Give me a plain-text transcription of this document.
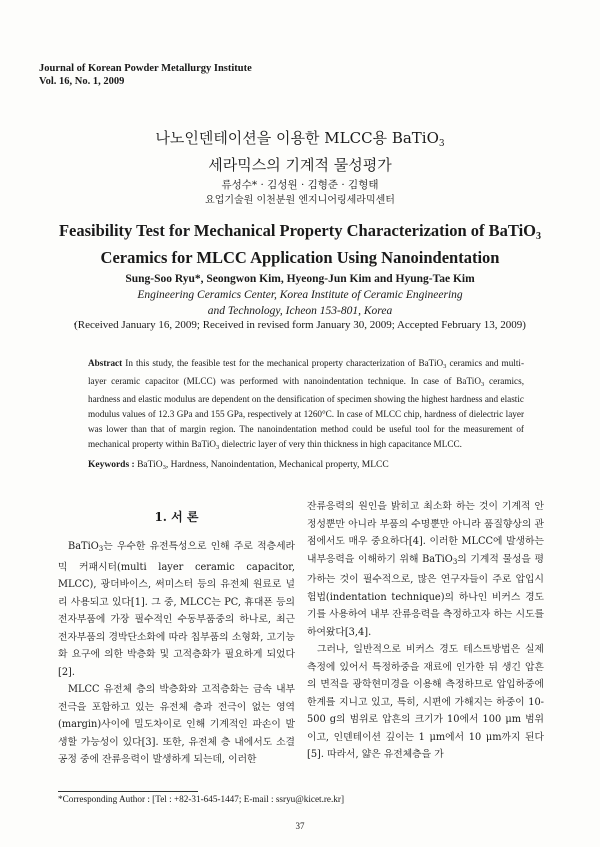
Journal of Korean Powder Metallurgy Institute
Vol. 16, No. 1, 2009
나노인덴테이션을 이용한 MLCC용 BaTiO$_3$
세라믹스의 기계적 물성평가
류성수* · 김성원 · 김형준 · 김형태
요업기술원 이천분원 엔지니어링세라믹센터
Feasibility Test for Mechanical Property Characterization of BaTiO$_3$
Ceramics for MLCC Application Using Nanoindentation
Sung-Soo Ryu*, Seongwon Kim, Hyeong-Jun Kim and Hyung-Tae Kim
Engineering Ceramics Center, Korea Institute of Ceramic Engineering
and Technology, Icheon 153-801, Korea
(Received January 16, 2009; Received in revised form January 30, 2009; Accepted February 13, 2009)
Abstract In this study, the feasible test for the mechanical property characterization of BaTiO$_3$ ceramics and multi-layer ceramic capacitor (MLCC) was performed with nanoindentation technique. In case of BaTiO$_3$ ceramics, hardness and elastic modulus are dependent on the densification of specimen showing the highest hardness and elastic modulus values of 12.3 GPa and 155 GPa, respectively at 1260°C. In case of MLCC chip, hardness of dielectric layer was lower than that of margin region. The nanoindentation method could be useful tool for the measurement of mechanical property within BaTiO$_3$ dielectric layer of very thin thickness in high capacitance MLCC.
Keywords : BaTiO$_3$, Hardness, Nanoindentation, Mechanical property, MLCC
1. 서 론

BaTiO$_3$는 우수한 유전특성으로 인해 주로 적층세라믹 커패시터(multi layer ceramic capacitor, MLCC), 광더바이스, 써미스터 등의 유전체 원료로 널리 사용되고 있다[1]. 그 중, MLCC는 PC, 휴대폰 등의 전자부품에 가장 필수적인 수동부품중의 하나로, 최근 전자부품의 경박단소화에 따라 칩부품의 소형화, 고기능화 요구에 의한 박층화 및 고적층화가 필요하게 되었다[2].

MLCC 유전체 층의 박층화와 고적층화는 금속 내부전극을 포함하고 있는 유전체 층과 전극이 없는 영역(margin)사이에 밀도차이로 인해 기계적인 파손이 발생할 가능성이 있다[3]. 또한, 유전체 층 내에서도 소결공정 중에 잔류응력이 발생하게 되는데, 이러한

잔류응력의 원인을 밝히고 최소화 하는 것이 기계적 안정성뿐만 아니라 부품의 수명뿐만 아니라 품질향상의 관점에서도 매우 중요하다[4]. 이러한 MLCC에 발생하는 내부응력을 이해하기 위해 BaTiO$_3$의 기계적 물성을 평가하는 것이 필수적으로, 많은 연구자들이 주로 압입시험법(indentation technique)의 하나인 비커스 경도기를 사용하여 내부 잔류응력을 측정하고자 하는 시도를 하여왔다[3,4].

그러나, 일반적으로 비커스 경도 테스트방법은 실제 측정에 있어서 특정하중을 재료에 인가한 뒤 생긴 압흔의 면적을 광학현미경을 이용해 측정하므로 압입하중에 한계를 지니고 있고, 특히, 시편에 가해지는 하중이 10-500 g의 범위로 압흔의 크기가 10에서 100 μm 범위이고, 인덴테이션 깊이는 1 μm에서 10 μm까지 된다[5]. 따라서, 얇은 유전체층을 가

*Corresponding Author : [Tel : +82-31-645-1447; E-mail : ssryu@kicet.re.kr]
37
